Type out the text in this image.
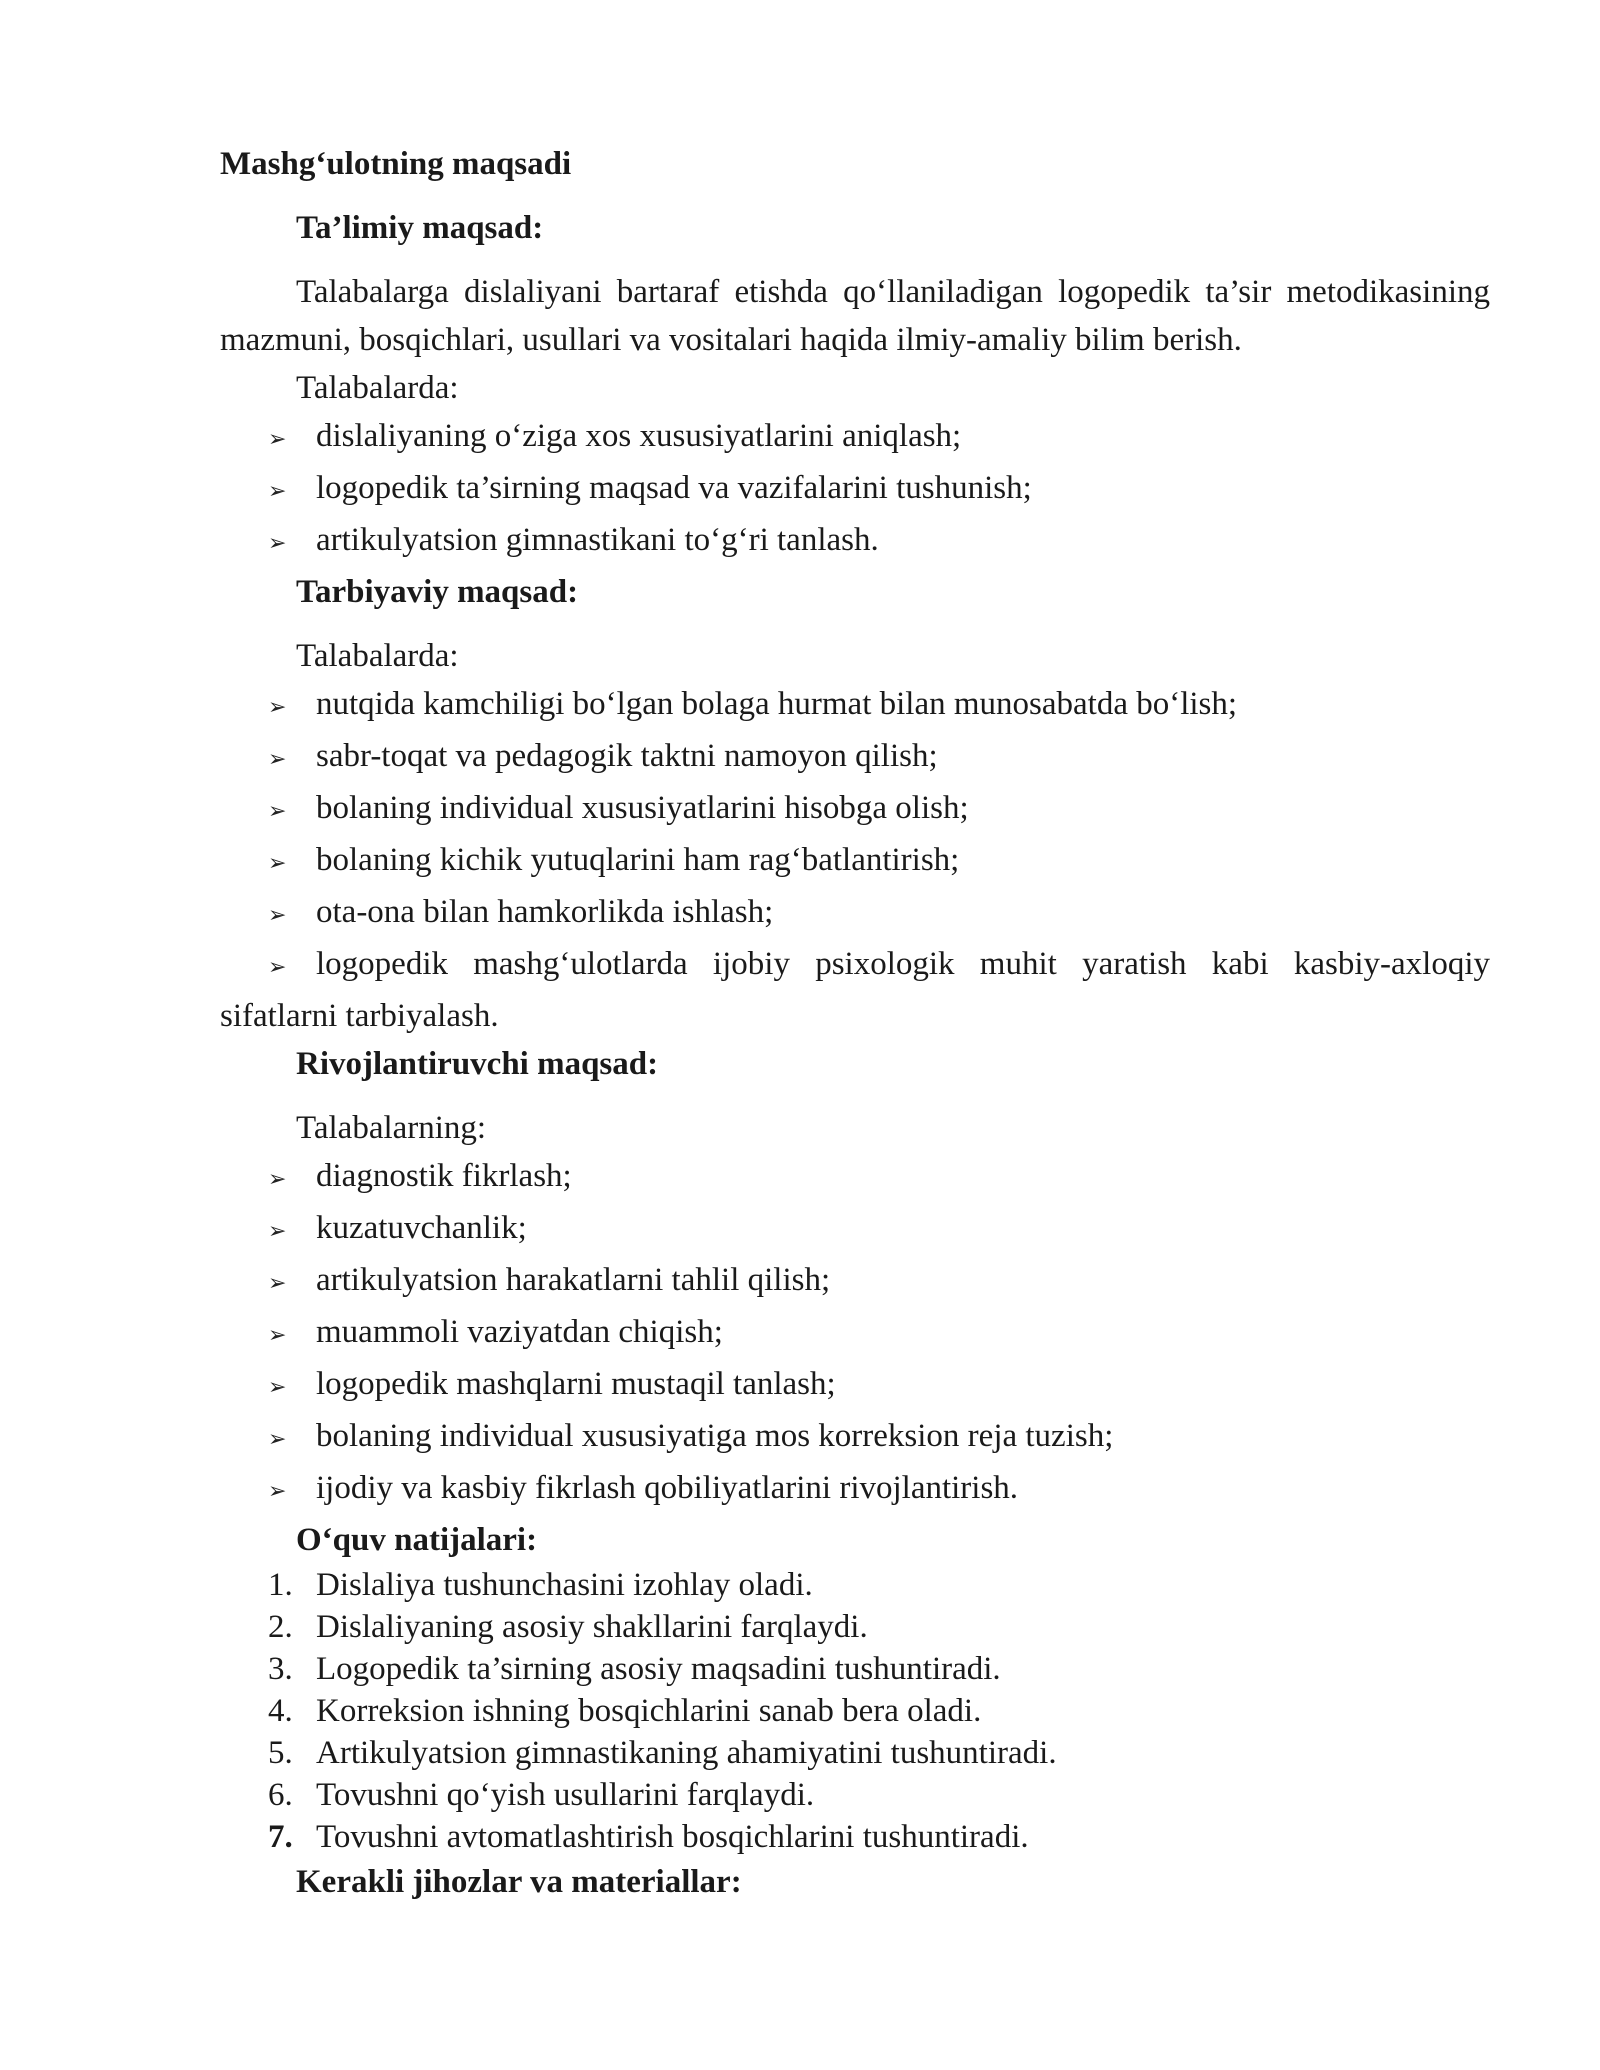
Mashg‘ulotning maqsadi

Ta’limiy maqsad:

Talabalarga dislaliyani bartaraf etishda qo‘llaniladigan logopedik ta’sir metodikasining mazmuni, bosqichlari, usullari va vositalari haqida ilmiy-amaliy bilim berish.

Talabalarda:

➢ dislaliyaning o‘ziga xos xususiyatlarini aniqlash;
➢ logopedik ta’sirning maqsad va vazifalarini tushunish;
➢ artikulyatsion gimnastikani to‘g‘ri tanlash.

Tarbiyaviy maqsad:

Talabalarda:

➢ nutqida kamchiligi bo‘lgan bolaga hurmat bilan munosabatda bo‘lish;
➢ sabr-toqat va pedagogik taktni namoyon qilish;
➢ bolaning individual xususiyatlarini hisobga olish;
➢ bolaning kichik yutuqlarini ham rag‘batlantirish;
➢ ota-ona bilan hamkorlikda ishlash;

➢ logopedik mashg‘ulotlarda ijobiy psixologik muhit yaratish kabi kasbiy-axloqiy sifatlarni tarbiyalash.

Rivojlantiruvchi maqsad:

Talabalarning:

➢ diagnostik fikrlash;
➢ kuzatuvchanlik;
➢ artikulyatsion harakatlarni tahlil qilish;
➢ muammoli vaziyatdan chiqish;
➢ logopedik mashqlarni mustaqil tanlash;
➢ bolaning individual xususiyatiga mos korreksion reja tuzish;
➢ ijodiy va kasbiy fikrlash qobiliyatlarini rivojlantirish.

O‘quv natijalari:

1. Dislaliya tushunchasini izohlay oladi.
2. Dislaliyaning asosiy shakllarini farqlaydi.
3. Logopedik ta’sirning asosiy maqsadini tushuntiradi.
4. Korreksion ishning bosqichlarini sanab bera oladi.
5. Artikulyatsion gimnastikaning ahamiyatini tushuntiradi.
6. Tovushni qo‘yish usullarini farqlaydi.
7. Tovushni avtomatlashtirish bosqichlarini tushuntiradi.

Kerakli jihozlar va materiallar:
